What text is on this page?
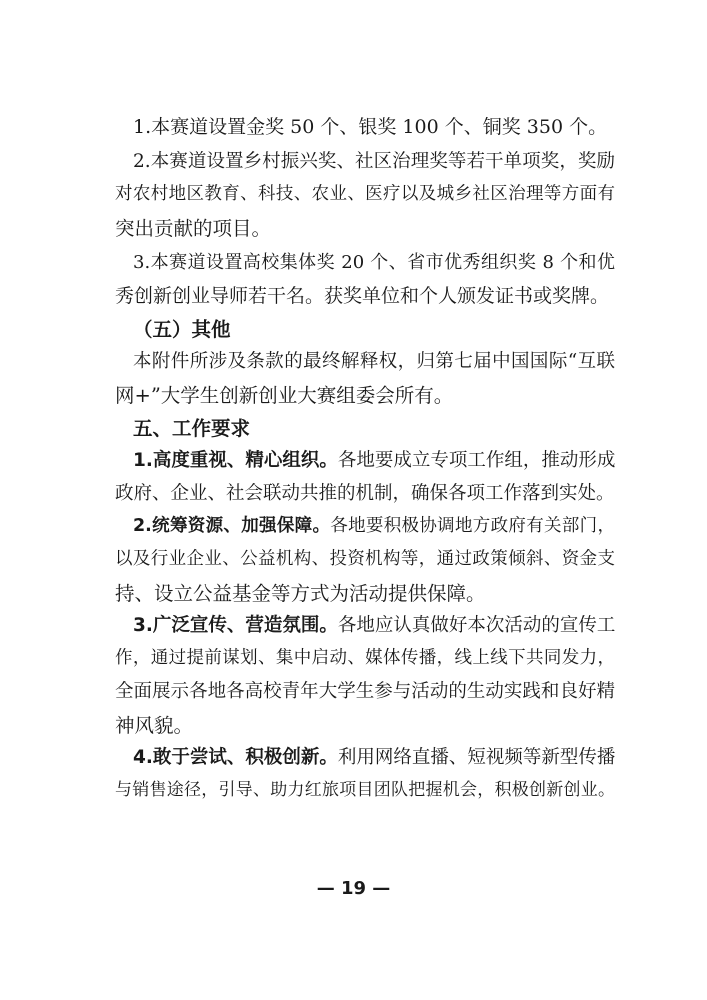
1.本赛道设置金奖 50 个、银奖 100 个、铜奖 350 个。
2.本赛道设置乡村振兴奖、社区治理奖等若干单项奖，奖励
对农村地区教育、科技、农业、医疗以及城乡社区治理等方面有
突出贡献的项目。
3.本赛道设置高校集体奖 20 个、省市优秀组织奖 8 个和优
秀创新创业导师若干名。获奖单位和个人颁发证书或奖牌。
（五）其他
本附件所涉及条款的最终解释权，归第七届中国国际“互联
网+”大学生创新创业大赛组委会所有。
五、工作要求
1.高度重视、精心组织。各地要成立专项工作组，推动形成
政府、企业、社会联动共推的机制，确保各项工作落到实处。
2.统筹资源、加强保障。各地要积极协调地方政府有关部门，
以及行业企业、公益机构、投资机构等，通过政策倾斜、资金支
持、设立公益基金等方式为活动提供保障。
3.广泛宣传、营造氛围。各地应认真做好本次活动的宣传工
作，通过提前谋划、集中启动、媒体传播，线上线下共同发力，
全面展示各地各高校青年大学生参与活动的生动实践和良好精
神风貌。
4.敢于尝试、积极创新。利用网络直播、短视频等新型传播
与销售途径，引导、助力红旅项目团队把握机会，积极创新创业。
— 19 —
